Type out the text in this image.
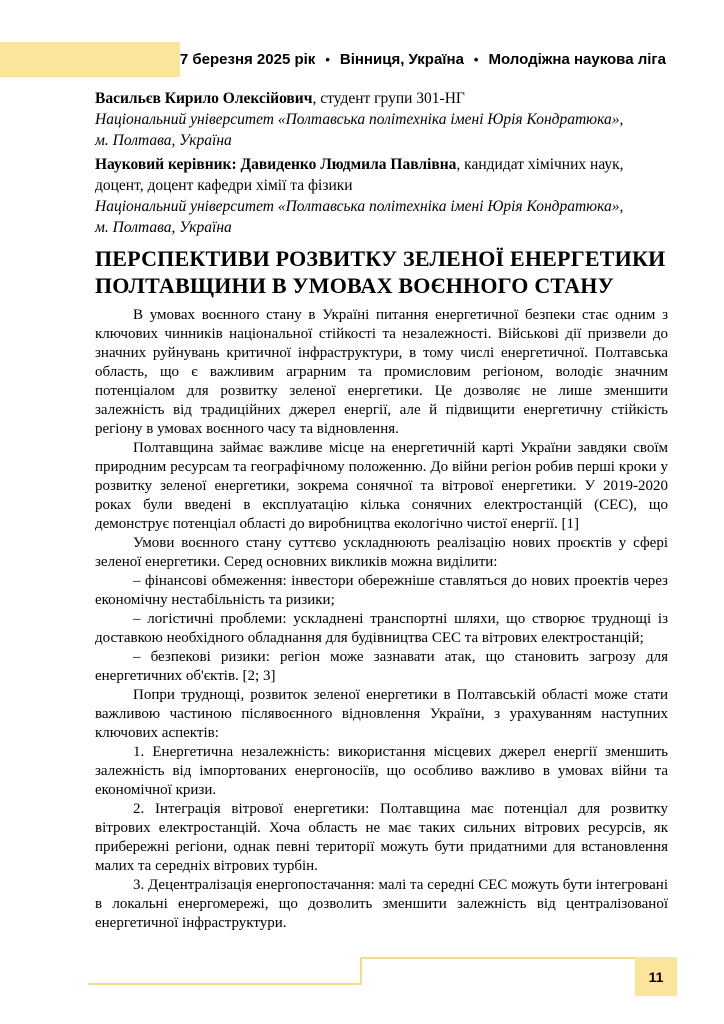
7 березня 2025 рік • Вінниця, Україна • Молодіжна наукова ліга
Васильєв Кирило Олексійович, студент групи 301-НГ
Національний університет «Полтавська політехніка імені Юрія Кондратюка»,
м. Полтава, Україна
Науковий керівник: Давиденко Людмила Павлівна, кандидат хімічних наук, доцент, доцент кафедри хімії та фізики
Національний університет «Полтавська політехніка імені Юрія Кондратюка»,
м. Полтава, Україна
ПЕРСПЕКТИВИ РОЗВИТКУ ЗЕЛЕНОЇ ЕНЕРГЕТИКИ
ПОЛТАВЩИНИ В УМОВАХ ВОЄННОГО СТАНУ

В умовах воєнного стану в Україні питання енергетичної безпеки стає одним з ключових чинників національної стійкості та незалежності. Військові дії призвели до значних руйнувань критичної інфраструктури, в тому числі енергетичної. Полтавська область, що є важливим аграрним та промисловим регіоном, володіє значним потенціалом для розвитку зеленої енергетики. Це дозволяє не лише зменшити залежність від традиційних джерел енергії, але й підвищити енергетичну стійкість регіону в умовах воєнного часу та відновлення.

Полтавщина займає важливе місце на енергетичній карті України завдяки своїм природним ресурсам та географічному положенню. До війни регіон робив перші кроки у розвитку зеленої енергетики, зокрема сонячної та вітрової енергетики. У 2019-2020 роках були введені в експлуатацію кілька сонячних електростанцій (СЕС), що демонструє потенціал області до виробництва екологічно чистої енергії. [1]

Умови воєнного стану суттєво ускладнюють реалізацію нових проєктів у сфері зеленої енергетики. Серед основних викликів можна виділити:

– фінансові обмеження: інвестори обережніше ставляться до нових проектів через економічну нестабільність та ризики;

– логістичні проблеми: ускладнені транспортні шляхи, що створює труднощі із доставкою необхідного обладнання для будівництва СЕС та вітрових електростанцій;

– безпекові ризики: регіон може зазнавати атак, що становить загрозу для енергетичних об'єктів. [2; 3]

Попри труднощі, розвиток зеленої енергетики в Полтавській області може стати важливою частиною післявоєнного відновлення України, з урахуванням наступних ключових аспектів:

1. Енергетична незалежність: використання місцевих джерел енергії зменшить залежність від імпортованих енергоносіїв, що особливо важливо в умовах війни та економічної кризи.

2. Інтеграція вітрової енергетики: Полтавщина має потенціал для розвитку вітрових електростанцій. Хоча область не має таких сильних вітрових ресурсів, як прибережні регіони, однак певні території можуть бути придатними для встановлення малих та середніх вітрових турбін.

3. Децентралізація енергопостачання: малі та середні СЕС можуть бути інтегровані в локальні енергомережі, що дозволить зменшити залежність від централізованої енергетичної інфраструктури.

11
